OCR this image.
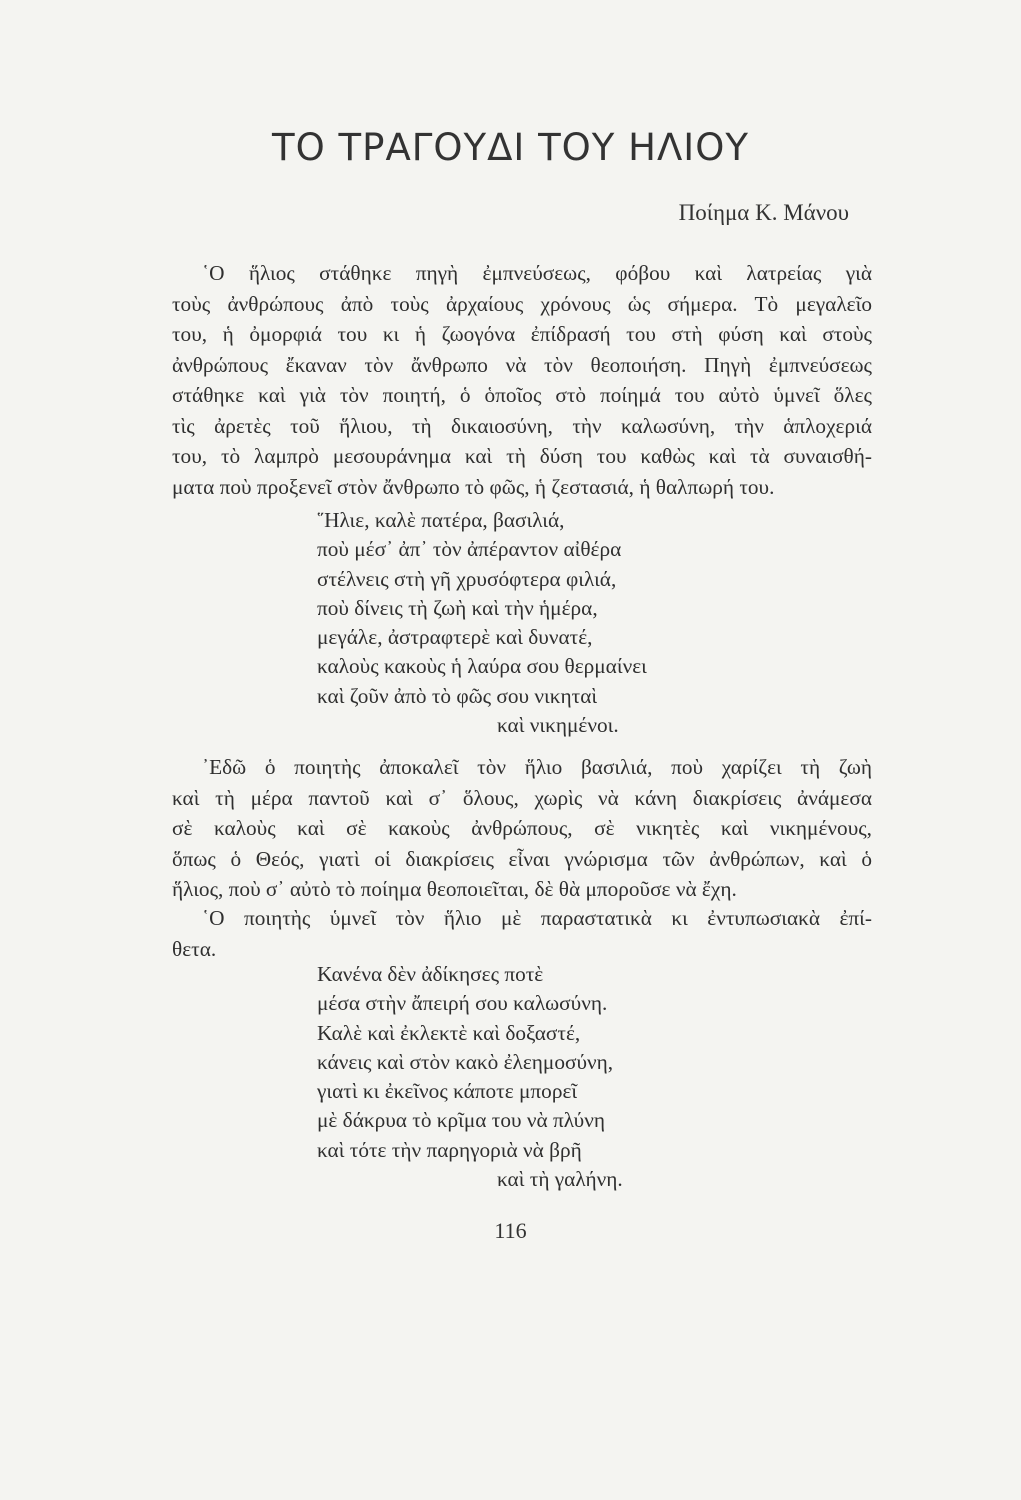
ΤΟ ΤΡΑΓΟΥΔΙ ΤΟΥ ΗΛΙΟΥ

Ποίημα Κ. Μάνου

῾Ο ἥλιος στάθηκε πηγὴ ἐμπνεύσεως, φόβου καὶ λατρείας γιὰ
τοὺς ἀνθρώπους ἀπὸ τοὺς ἀρχαίους χρόνους ὡς σήμερα. Τὸ μεγαλεῖο
του, ἡ ὀμορφιά του κι ἡ ζωογόνα ἐπίδρασή του στὴ φύση καὶ στοὺς
ἀνθρώπους ἔκαναν τὸν ἄνθρωπο νὰ τὸν θεοποιήση. Πηγὴ ἐμπνεύσεως
στάθηκε καὶ γιὰ τὸν ποιητή, ὁ ὁποῖος στὸ ποίημά του αὐτὸ ὑμνεῖ ὅλες
τὶς ἀρετὲς τοῦ ἥλιου, τὴ δικαιοσύνη, τὴν καλωσύνη, τὴν ἁπλοχεριά
του, τὸ λαμπρὸ μεσουράνημα καὶ τὴ δύση του καθὼς καὶ τὰ συναισθή-
ματα ποὺ προξενεῖ στὸν ἄνθρωπο τὸ φῶς, ἡ ζεστασιά, ἡ θαλπωρή του.
῞Ηλιε, καλὲ πατέρα, βασιλιά,
ποὺ μέσ᾽ ἀπ᾽ τὸν ἀπέραντον αἰθέρα
στέλνεις στὴ γῆ χρυσόφτερα φιλιά,
ποὺ δίνεις τὴ ζωὴ καὶ τὴν ἡμέρα,
μεγάλε, ἀστραφτερὲ καὶ δυνατέ,
καλοὺς κακοὺς ἡ λαύρα σου θερμαίνει
καὶ ζοῦν ἀπὸ τὸ φῶς σου νικηταὶ
καὶ νικημένοι.
᾿Εδῶ ὁ ποιητὴς ἀποκαλεῖ τὸν ἥλιο βασιλιά, ποὺ χαρίζει τὴ ζωὴ
καὶ τὴ μέρα παντοῦ καὶ σ᾽ ὅλους, χωρὶς νὰ κάνη διακρίσεις ἀνάμεσα
σὲ καλοὺς καὶ σὲ κακοὺς ἀνθρώπους, σὲ νικητὲς καὶ νικημένους,
ὅπως ὁ Θεός, γιατὶ οἱ διακρίσεις εἶναι γνώρισμα τῶν ἀνθρώπων, καὶ ὁ
ἥλιος, ποὺ σ᾽ αὐτὸ τὸ ποίημα θεοποιεῖται, δὲ θὰ μποροῦσε νὰ ἔχη.
῾Ο ποιητὴς ὑμνεῖ τὸν ἥλιο μὲ παραστατικὰ κι ἐντυπωσιακὰ ἐπί-
θετα.
Κανένα δὲν ἀδίκησες ποτὲ
μέσα στὴν ἄπειρή σου καλωσύνη.
Καλὲ καὶ ἐκλεκτὲ καὶ δοξαστέ,
κάνεις καὶ στὸν κακὸ ἐλεημοσύνη,
γιατὶ κι ἐκεῖνος κάποτε μπορεῖ
μὲ δάκρυα τὸ κρῖμα του νὰ πλύνη
καὶ τότε τὴν παρηγοριὰ νὰ βρῆ
καὶ τὴ γαλήνη.

116
